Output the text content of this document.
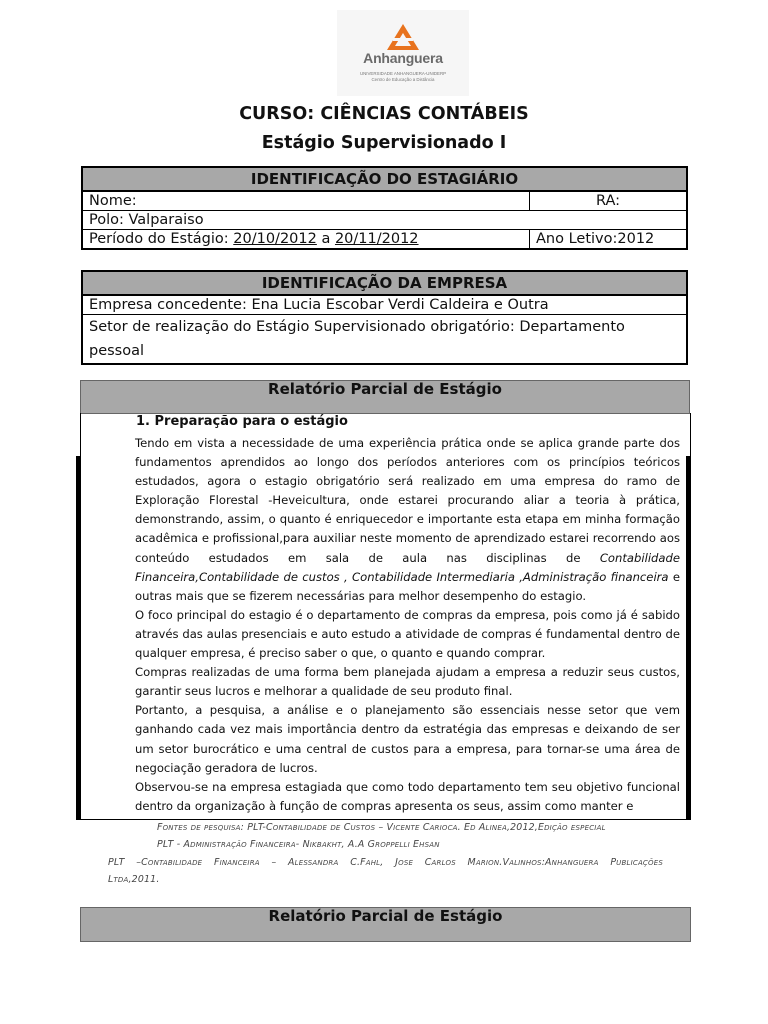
Anhanguera
UNIVERSIDADE ANHANGUERA-UNIDERP
Centro de Educação a Distância
CURSO: CIÊNCIAS CONTÁBEIS
Estágio Supervisionado I
IDENTIFICAÇÃO DO ESTAGIÁRIO	
Nome:	RA:
Polo: Valparaiso	
Período do Estágio: 20/10/2012 a 20/11/2012	Ano Letivo:2012
IDENTIFICAÇÃO DA EMPRESA
Empresa concedente: Ena Lucia Escobar Verdi Caldeira e Outra

Setor de realização do Estágio Supervisionado obrigatório: Departamento
pessoal
Relatório Parcial de Estágio
1. Preparação para o estágio

Tendo em vista a necessidade de uma experiência prática onde se aplica grande parte dos fundamentos aprendidos ao longo dos períodos anteriores com os princípios teóricos estudados, agora o estagio obrigatório será realizado em uma empresa do ramo de Exploração Florestal -Heveicultura, onde estarei procurando aliar a teoria à prática, demonstrando, assim, o quanto é enriquecedor e importante esta etapa em minha formação acadêmica e profissional,para auxiliar neste momento de aprendizado estarei recorrendo aos conteúdo estudados em sala de aula nas disciplinas de Contabilidade Financeira,Contabilidade de custos , Contabilidade Intermediaria ,Administração financeira e outras mais que se fizerem necessárias para melhor desempenho do estagio.

O foco principal do estagio é o departamento de compras da empresa, pois como já é sabido através das aulas presenciais e auto estudo a atividade de compras é fundamental dentro de qualquer empresa, é preciso saber o que, o quanto e quando comprar.

Compras realizadas de uma forma bem planejada ajudam a empresa a reduzir seus custos, garantir seus lucros e melhorar a qualidade de seu produto final.

Portanto, a pesquisa, a análise e o planejamento são essenciais nesse setor que vem ganhando cada vez mais importância dentro da estratégia das empresas e deixando de ser um setor burocrático e uma central de custos para a empresa, para tornar-se uma área de negociação geradora de lucros.

Observou-se na empresa estagiada que como todo departamento tem seu objetivo funcional dentro da organização à função de compras apresenta os seus, assim como manter e

Fontes de pesquisa: PLT-Contabilidade de Custos – Vicente Carioca. Ed Alinea,2012,Edição especial
PLT - Administração Financeira- Nikbakht, A.A Groppelli Ehsan
PLT –Contabilidade Financeira – Alessandra C.Fahl, Jose Carlos Marion.Valinhos:Anhanguera Publicações
Ltda,2011.
Relatório Parcial de Estágio
